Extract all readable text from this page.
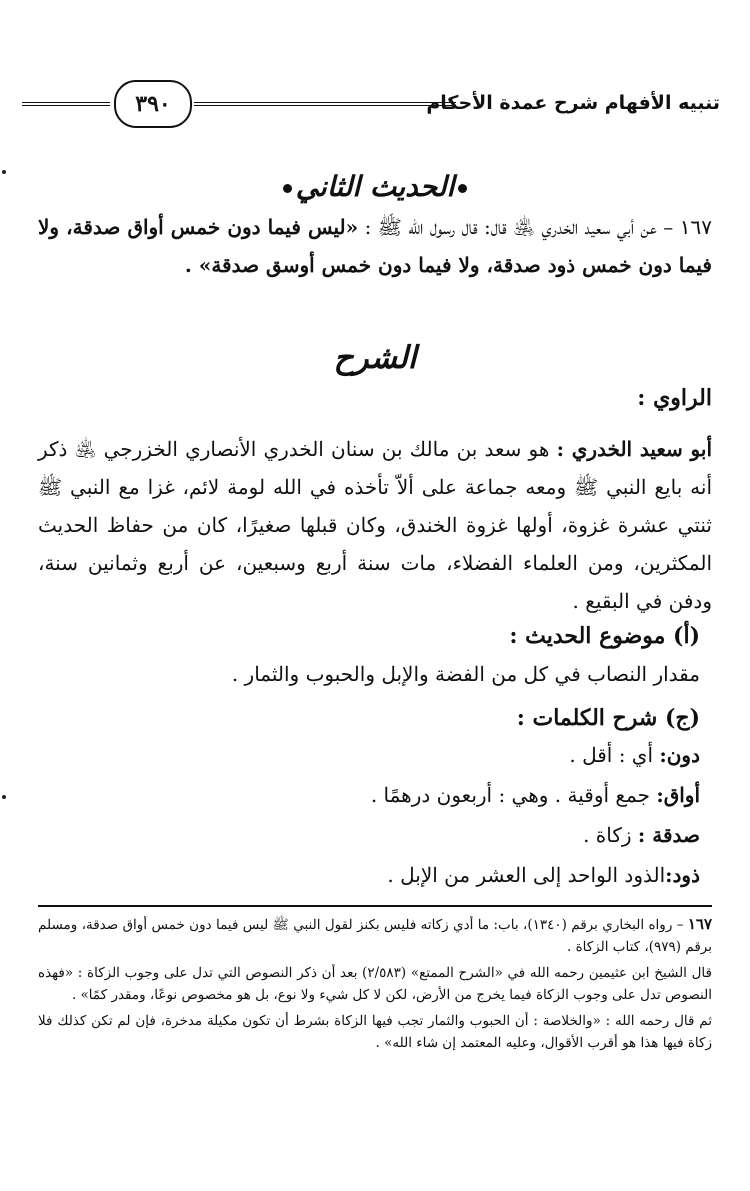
تنبيه الأفهام شرح عمدة الأحكام
٣٩٠
الحديث الثاني
١٦٧ – عن أبي سعيد الخدري ﵁ قال: قال رسول الله ﷺ : «ليس فيما دون خمس أواق صدقة، ولا فيما دون خمس ذود صدقة، ولا فيما دون خمس أوسق صدقة» .
الشرح
الراوي :
أبو سعيد الخدري : هو سعد بن مالك بن سنان الخدري الأنصاري الخزرجي ﵁ ذكر أنه بايع النبي ﷺ ومعه جماعة على ألاّ تأخذه في الله لومة لائم، غزا مع النبي ﷺ ثنتي عشرة غزوة، أولها غزوة الخندق، وكان قبلها صغيرًا، كان من حفاظ الحديث المكثرين، ومن العلماء الفضلاء، مات سنة أربع وسبعين، عن أربع وثمانين سنة، ودفن في البقيع .
(أ) موضوع الحديث :
مقدار النصاب في كل من الفضة والإبل والحبوب والثمار .
(ج) شرح الكلمات :
دون: أي : أقل .
أواق: جمع أوقية . وهي : أربعون درهمًا .
صدقة : زكاة .
ذود:الذود الواحد إلى العشر من الإبل .

١٦٧ – رواه البخاري برقم (١٣٤٠)، باب: ما أدي زكاته فليس بكنز لقول النبي ﷺ ليس فيما دون خمس أواق صدقة، ومسلم برقم (٩٧٩)، كتاب الزكاة .

قال الشيخ ابن عثيمين رحمه الله في «الشرح الممتع» (٢/٥٨٣) بعد أن ذكر النصوص التي تدل على وجوب الزكاة : «فهذه النصوص تدل على وجوب الزكاة فيما يخرج من الأرض، لكن لا كل شيء ولا نوع، بل هو مخصوص نوعًا، ومقدر كمًا» .

ثم قال رحمه الله : «والخلاصة : أن الحبوب والثمار تجب فيها الزكاة بشرط أن تكون مكيلة مدخرة، فإن لم تكن كذلك فلا زكاة فيها هذا هو أقرب الأقوال، وعليه المعتمد إن شاء الله» .
